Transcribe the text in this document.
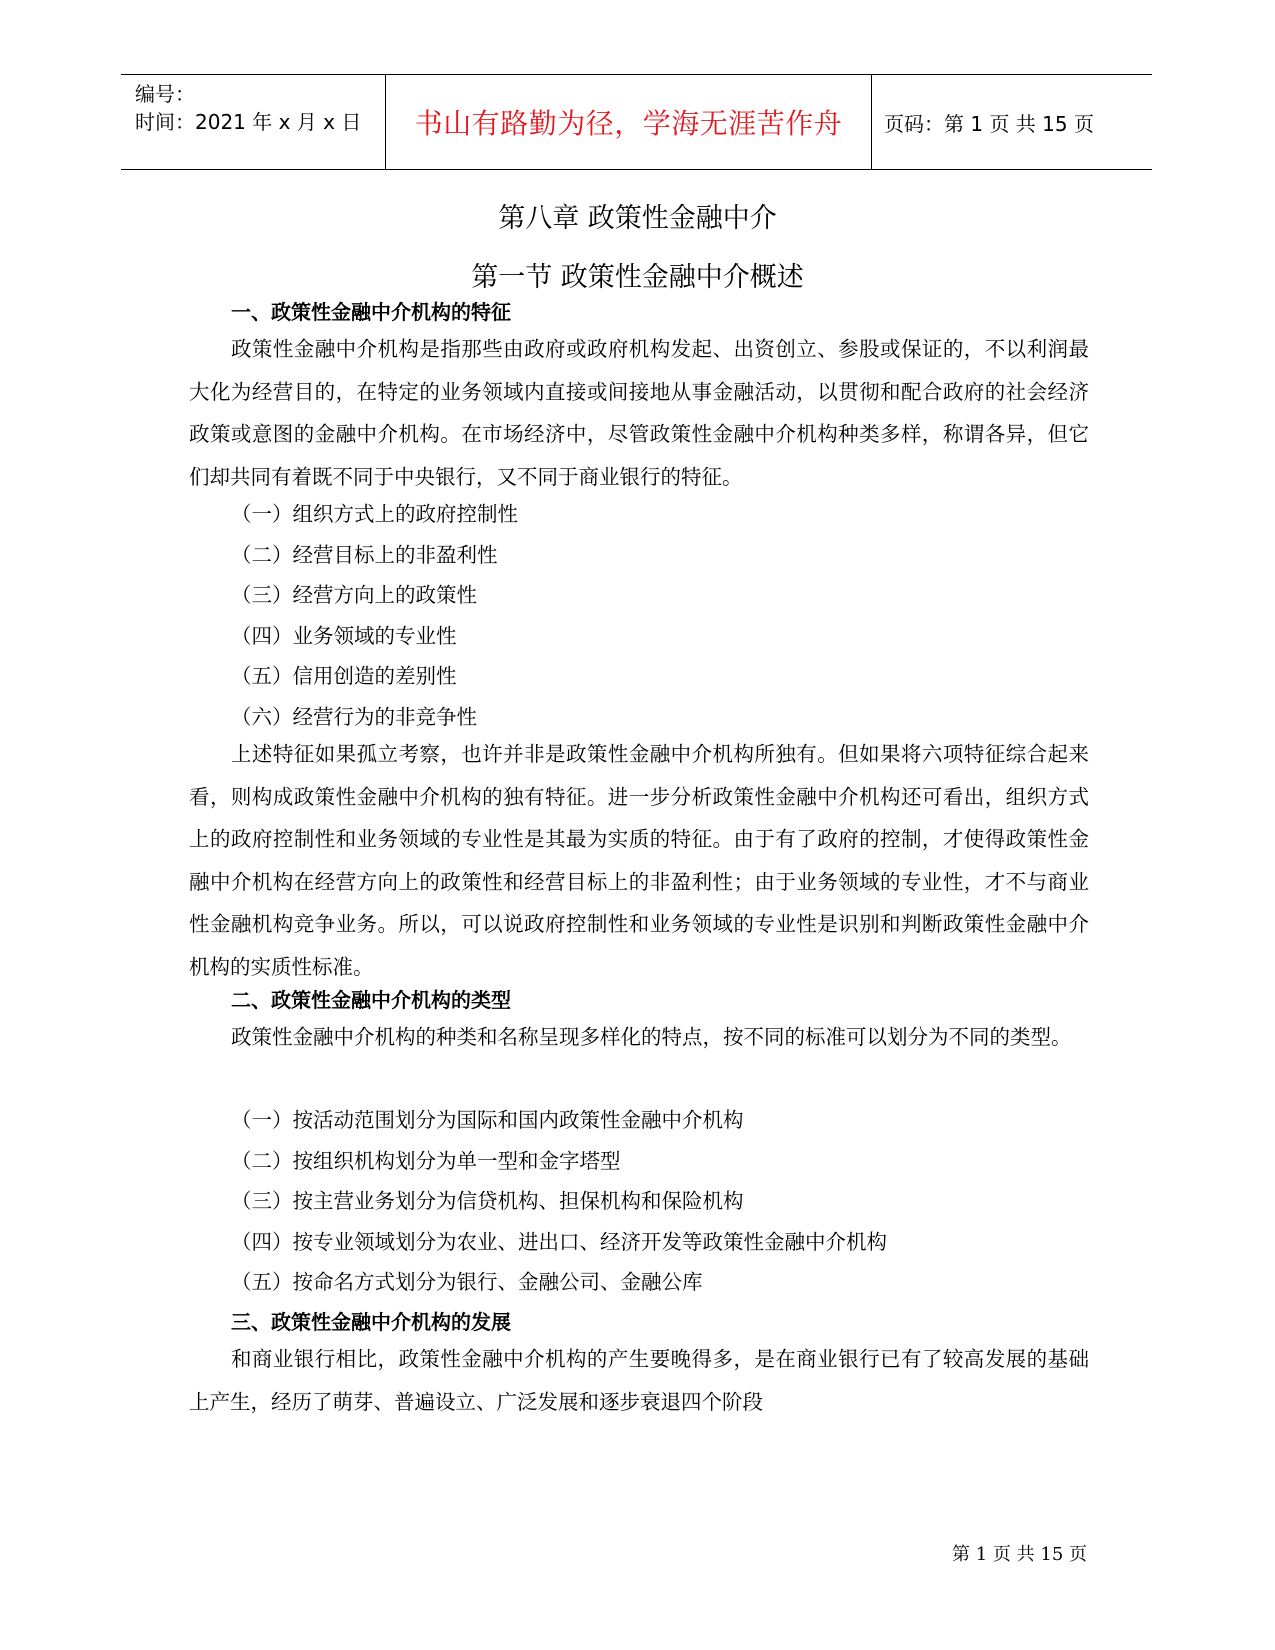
编号：
时间：2021 年 x 月 x 日	书山有路勤为径，学海无涯苦作舟	页码：第 1 页 共 15 页
第八章 政策性金融中介
第一节 政策性金融中介概述
一、政策性金融中介机构的特征

政策性金融中介机构是指那些由政府或政府机构发起、出资创立、参股或保证的，不以利润最大化为经营目的，在特定的业务领域内直接或间接地从事金融活动，以贯彻和配合政府的社会经济政策或意图的金融中介机构。在市场经济中，尽管政策性金融中介机构种类多样，称谓各异，但它们却共同有着既不同于中央银行，又不同于商业银行的特征。

（一）组织方式上的政府控制性
（二）经营目标上的非盈利性
（三）经营方向上的政策性
（四）业务领域的专业性
（五）信用创造的差别性
（六）经营行为的非竞争性

上述特征如果孤立考察，也许并非是政策性金融中介机构所独有。但如果将六项特征综合起来看，则构成政策性金融中介机构的独有特征。进一步分析政策性金融中介机构还可看出，组织方式上的政府控制性和业务领域的专业性是其最为实质的特征。由于有了政府的控制，才使得政策性金融中介机构在经营方向上的政策性和经营目标上的非盈利性；由于业务领域的专业性，才不与商业性金融机构竞争业务。所以，可以说政府控制性和业务领域的专业性是识别和判断政策性金融中介机构的实质性标准。

二、政策性金融中介机构的类型

政策性金融中介机构的种类和名称呈现多样化的特点，按不同的标准可以划分为不同的类型。

（一）按活动范围划分为国际和国内政策性金融中介机构
（二）按组织机构划分为单一型和金字塔型
（三）按主营业务划分为信贷机构、担保机构和保险机构
（四）按专业领域划分为农业、进出口、经济开发等政策性金融中介机构
（五）按命名方式划分为银行、金融公司、金融公库
三、政策性金融中介机构的发展

和商业银行相比，政策性金融中介机构的产生要晚得多，是在商业银行已有了较高发展的基础上产生，经历了萌芽、普遍设立、广泛发展和逐步衰退四个阶段

第 1 页 共 15 页
